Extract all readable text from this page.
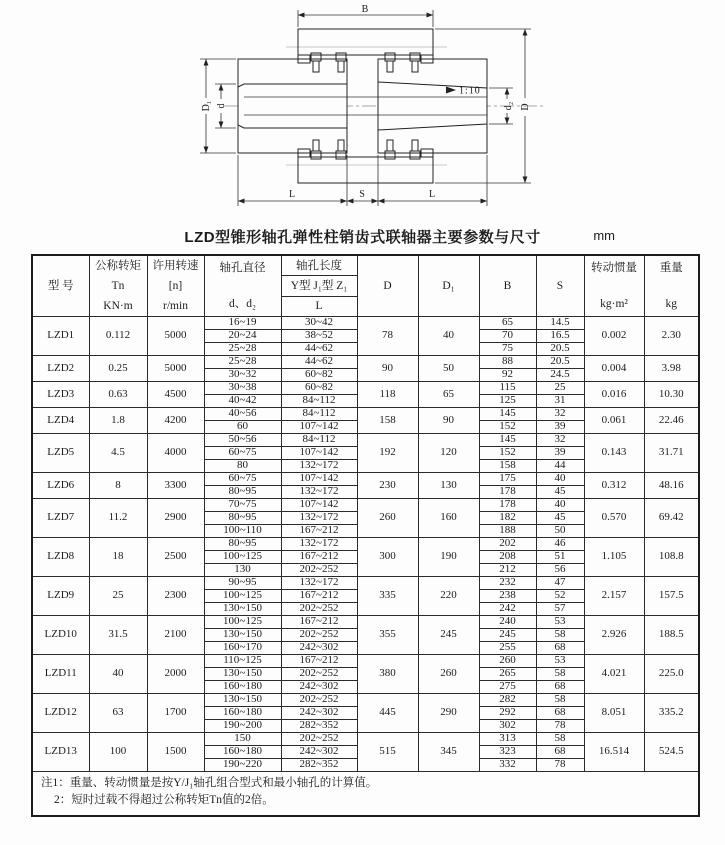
1:10
B
D
d₂
D₁ d
L	S	L
LZD型锥形轴孔弹性柱销齿式联轴器主要参数与尺寸	mm
型 号	
公称转矩
Tn
KN·m

许用转速
[n]
r/min

轴孔直径
d、d₂

轴孔长度
Y型 J₁型 Z₁
L
	D	D₁	B	S	
转动惯量
kg·m²

重量
kg

LZD1	0.112	5000	16~19	30~42	78	40	65	14.5	0.002	2.30
			20~24	38~52			70	16.5		
			25~28	44~62			75	20.5		
LZD2	0.25	5000	25~28	44~62	90	50	88	20.5	0.004	3.98
			30~32	60~82			92	24.5		
LZD3	0.63	4500	30~38	60~82	118	65	115	25	0.016	10.30
			40~42	84~112			125	31		
LZD4	1.8	4200	40~56	84~112	158	90	145	32	0.061	22.46
			60	107~142			152	39		
LZD5	4.5	4000	50~56	84~112	192	120	145	32	0.143	31.71
			60~75	107~142			152	39		
			80	132~172			158	44		
LZD6	8	3300	60~75	107~142	230	130	175	40	0.312	48.16
			80~95	132~172			178	45		
LZD7	11.2	2900	70~75	107~142	260	160	178	40	0.570	69.42
			80~95	132~172			182	45		
			100~110	167~212			188	50		
LZD8	18	2500	80~95	132~172	300	190	202	46	1.105	108.8
			100~125	167~212			208	51		
			130	202~252			212	56		
LZD9	25	2300	90~95	132~172	335	220	232	47	2.157	157.5
			100~125	167~212			238	52		
			130~150	202~252			242	57		
LZD10	31.5	2100	100~125	167~212	355	245	240	53	2.926	188.5
			130~150	202~252			245	58		
			160~170	242~302			255	68		
LZD11	40	2000	110~125	167~212	380	260	260	53	4.021	225.0
			130~150	202~252			265	58		
			160~180	242~302			275	68		
LZD12	63	1700	130~150	202~252	445	290	282	58	8.051	335.2
			160~180	242~302			292	68		
			190~200	282~352			302	78		
LZD13	100	1500	150	202~252	515	345	313	58	16.514	524.5
			160~180	242~302			323	68		
			190~220	282~352			332	78		

注1：重量、转动惯量是按Y/J₁轴孔组合型式和最小轴孔的计算值。
2：短时过载不得超过公称转矩Tn值的2倍。										
